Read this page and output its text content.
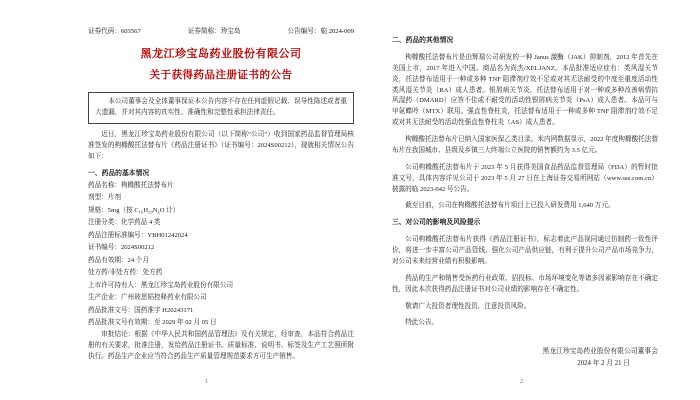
证券代码：603567	证券简称：珍宝岛	公告编号：临 2024-009
黑龙江珍宝岛药业股份有限公司
关于获得药品注册证书的公告
本公司董事会及全体董事保证本公告内容不存在任何虚假记载、误导性陈述或者重大遗漏，并对其内容的真实性、准确性和完整性承担法律责任。
近日，黑龙江珍宝岛药业股份有限公司（以下简称“公司”）收到国家药品监督管理局核准签发的枸橼酸托法替布片《药品注册证书》（证书编号：2024S00212），现就相关情况公告如下：
一、药品的基本情况
药品名称：枸橼酸托法替布片
剂型：片剂
规格：5mg（按 C₁₆H₂₀N₆O 计）
注册分类：化学药品 4 类
药品注册标准编号：YBH01242024
证书编号：2024S00212
药品有效期：24 个月
处方药/非处方药：处方药
上市许可持有人：黑龙江珍宝岛药业股份有限公司
生产企业：广州玻思韬控释药业有限公司
药品批准文号：国药准字 H20243171
药品批准文号有效期：至 2029 年 02 月 05 日
审批结论：根据《中华人民共和国药品管理法》及有关规定，经审查，本品符合药品注册的有关要求，批准注册，发给药品注册证书。质量标准、说明书、标签及生产工艺照所附执行。药品生产企业应当符合药品生产质量管理规范要求方可生产销售。
二、药品的其他情况
枸橼酸托法替布片是由辉瑞公司研发的一种 Janus 激酶（JAK）抑制剂，2012 年首先在美国上市，2017 年进入中国。商品名为尚杰/XELJANZ。本品批准适应症有：类风湿关节炎，托法替布适用于一种或多种 TNF 阻滞剂疗效不足或对其无法耐受的中度至重度活动性类风湿关节炎（RA）成人患者。银屑病关节炎，托法替布适用于对一种或多种改善病情抗风湿药（DMARD）应答不佳或不耐受的活动性银屑病关节炎（PsA）成人患者。本品可与甲氨蝶呤（MTX）联用。强直性脊柱炎，托法替布适用于一种或多种 TNF 阻滞剂疗效不足或对其无法耐受的活动性强直性脊柱炎（AS）成人患者。
枸橼酸托法替布片已纳入国家医保乙类目录。米内网数据显示，2022 年度枸橼酸托法替布片在我国城市、县级及乡镇三大终端公立医院的销售额约为 3.5 亿元。
公司枸橼酸托法替布片于 2023 年 5 月获得美国食品药品监督管理局（FDA）的暂时批准文号，具体内容详见公司于 2023 年 5 月 27 日在上海证券交易所网站（www.sse.com.cn）披露的临 2023-042 号公告。
截至目前，公司在枸橼酸托法替布片项目上已投入研发费用 1,640 万元。
三、对公司的影响及风险提示
公司枸橼酸托法替布片获得《药品注册证书》，标志着此产品视同通过仿制药一致性评价，将进一步丰富公司产品管线，强化公司产品供应链，有利于提升公司产品市场竞争力，对公司未来经营业绩有积极影响。
药品的生产和销售受医药行业政策、招投标、市场环境变化等诸多因素影响存在不确定性，因此本次获得药品注册证书对公司业绩的影响存在不确定性。
敬请广大投资者理性投资，注意投资风险。
特此公告。
黑龙江珍宝岛药业股份有限公司董事会
2024 年 2 月 21 日
1	2
